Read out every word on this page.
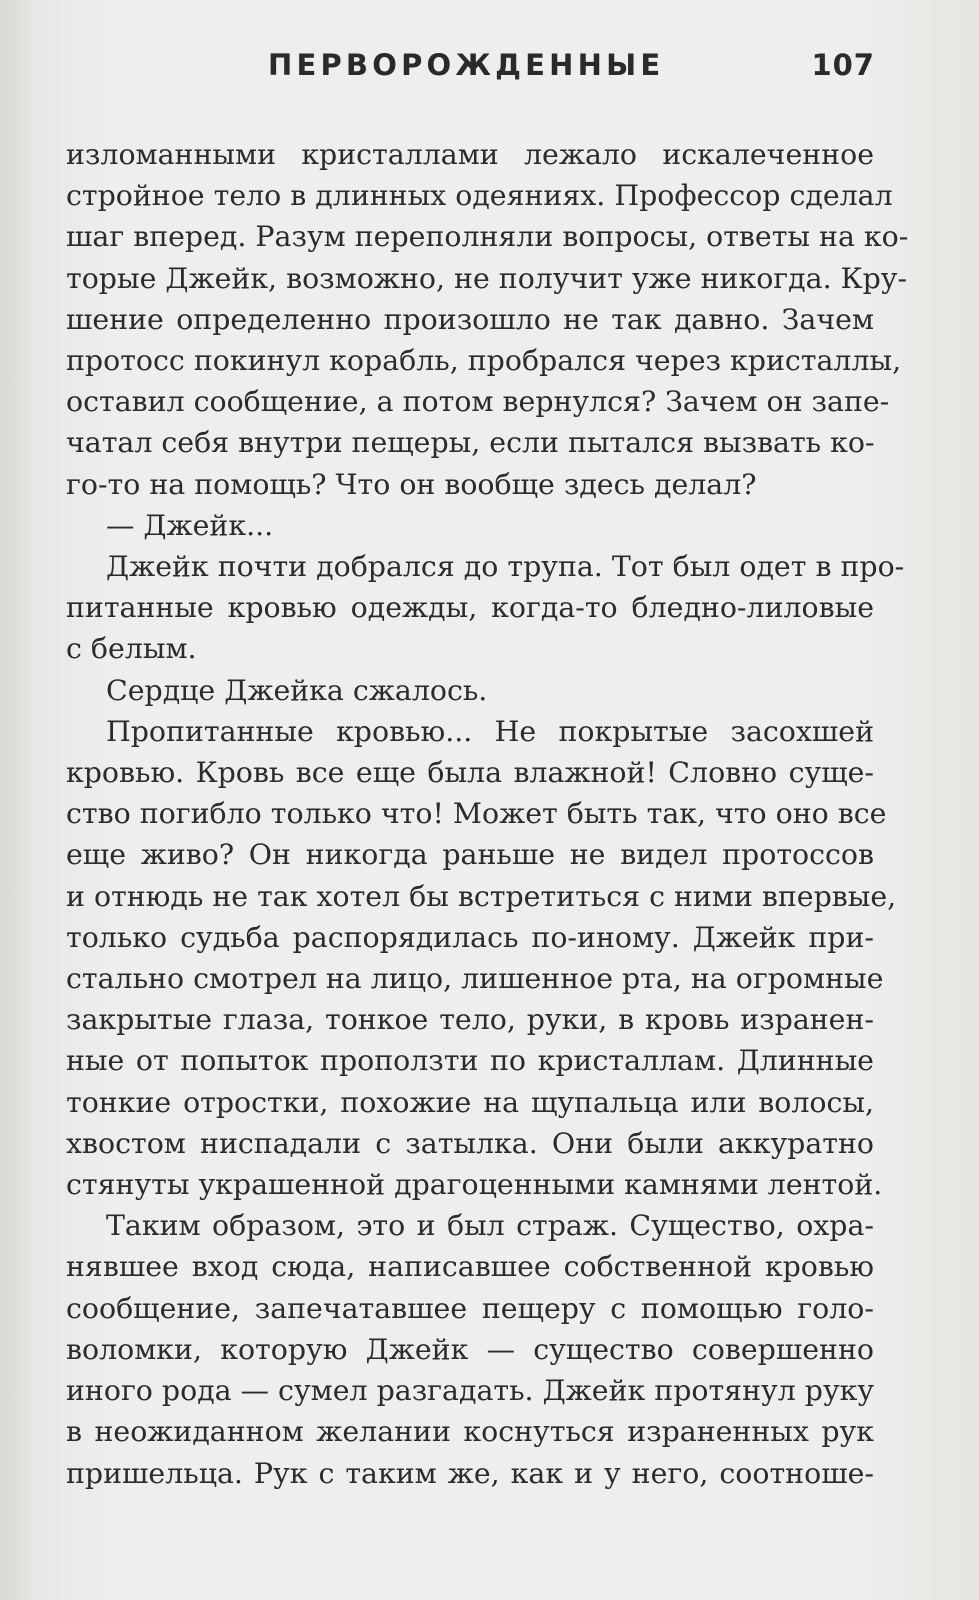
ПЕРВОРОЖДЕННЫЕ	107
изломанными кристаллами лежало искалеченное
стройное тело в длинных одеяниях. Профессор сделал
шаг вперед. Разум переполняли вопросы, ответы на ко-
торые Джейк, возможно, не получит уже никогда. Кру-
шение определенно произошло не так давно. Зачем
протосс покинул корабль, пробрался через кристаллы,
оставил сообщение, а потом вернулся? Зачем он запе-
чатал себя внутри пещеры, если пытался вызвать ко-
го-то на помощь? Что он вообще здесь делал?
— Джейк...
Джейк почти добрался до трупа. Тот был одет в про-
питанные кровью одежды, когда-то бледно-лиловые
с белым.
Сердце Джейка сжалось.
Пропитанные кровью... Не покрытые засохшей
кровью. Кровь все еще была влажной! Словно суще-
ство погибло только что! Может быть так, что оно все
еще живо? Он никогда раньше не видел протоссов
и отнюдь не так хотел бы встретиться с ними впервые,
только судьба распорядилась по-иному. Джейк при-
стально смотрел на лицо, лишенное рта, на огромные
закрытые глаза, тонкое тело, руки, в кровь изранен-
ные от попыток проползти по кристаллам. Длинные
тонкие отростки, похожие на щупальца или волосы,
хвостом ниспадали с затылка. Они были аккуратно
стянуты украшенной драгоценными камнями лентой.
Таким образом, это и был страж. Существо, охра-
нявшее вход сюда, написавшее собственной кровью
сообщение, запечатавшее пещеру с помощью голо-
воломки, которую Джейк — существо совершенно
иного рода — сумел разгадать. Джейк протянул руку
в неожиданном желании коснуться израненных рук
пришельца. Рук с таким же, как и у него, соотноше-
